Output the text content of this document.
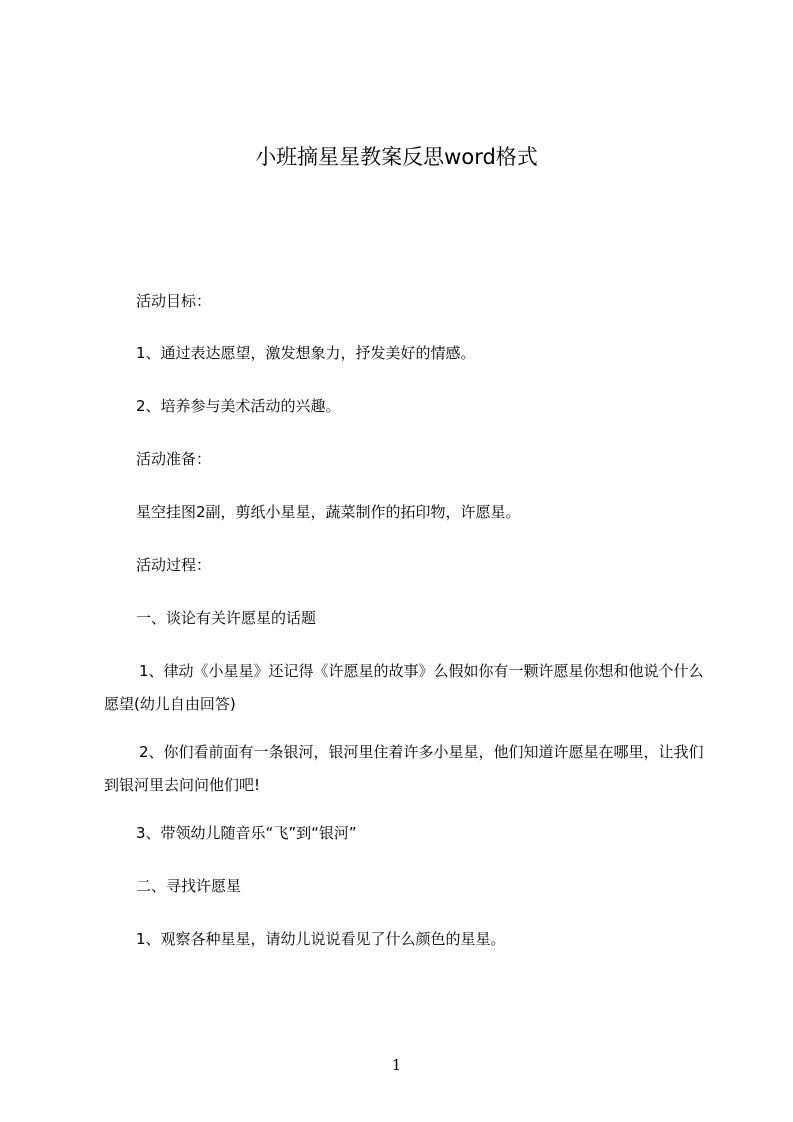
小班摘星星教案反思word格式

活动目标：

1、通过表达愿望，激发想象力，抒发美好的情感。

2、培养参与美术活动的兴趣。

活动准备：

星空挂图2副，剪纸小星星，蔬菜制作的拓印物，许愿星。

活动过程：

一、谈论有关许愿星的话题

1、律动《小星星》还记得《许愿星的故事》么假如你有一颗许愿星你想和他说个什么愿望(幼儿自由回答)

2、你们看前面有一条银河，银河里住着许多小星星，他们知道许愿星在哪里，让我们到银河里去问问他们吧!

3、带领幼儿随音乐“飞”到“银河”

二、寻找许愿星

1、观察各种星星，请幼儿说说看见了什么颜色的星星。

1
